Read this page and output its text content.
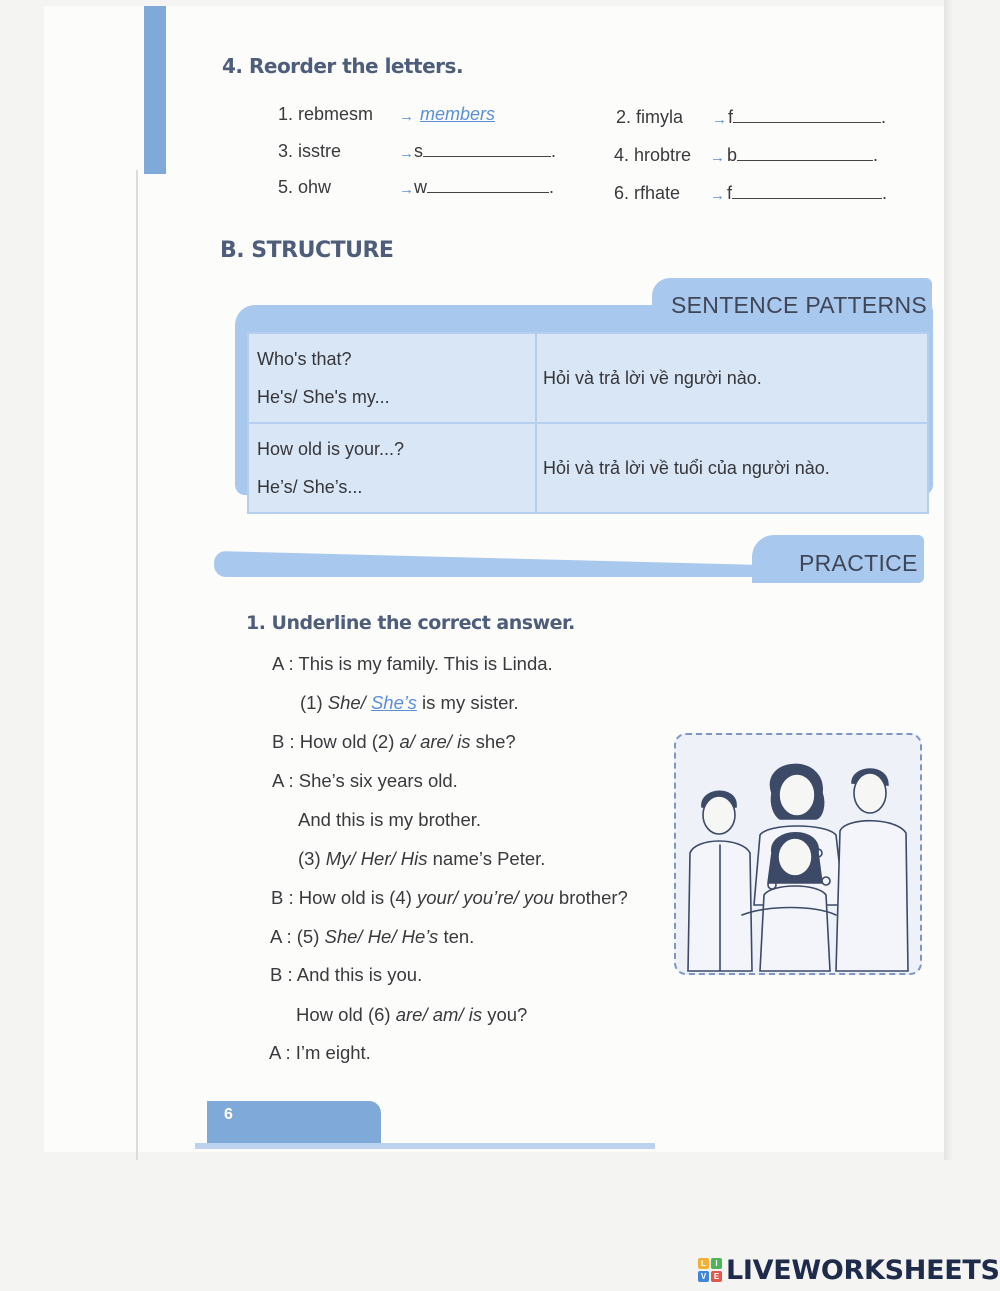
4. Reorder the letters.
1. rebmesm → members	2. fimyla → f	.
3. isstre	→ s	.	4. hrobtre → b	.
5. ohw	→ w	.	6. rfhate → f	.
B. STRUCTURE
SENTENCE PATTERNS
Who's that?
He's/ She's my...	Hỏi và trả lời về người nào.

How old is your...?
He’s/ She’s...	Hỏi và trả lời về tuổi của người nào.
PRACTICE
1. Underline the correct answer.
A : This is my family. This is Linda.
(1) She/ She’s is my sister.
B : How old (2) a/ are/ is she?
A : She’s six years old.
And this is my brother.
(3) My/ Her/ His name’s Peter.
B : How old is (4) your/ you’re/ you brother?
A : (5) She/ He/ He’s ten.
B : And this is you.
How old (6) are/ am/ is you?
A : I’m eight.
6
L	I
V E LIVEWORKSHEETS
